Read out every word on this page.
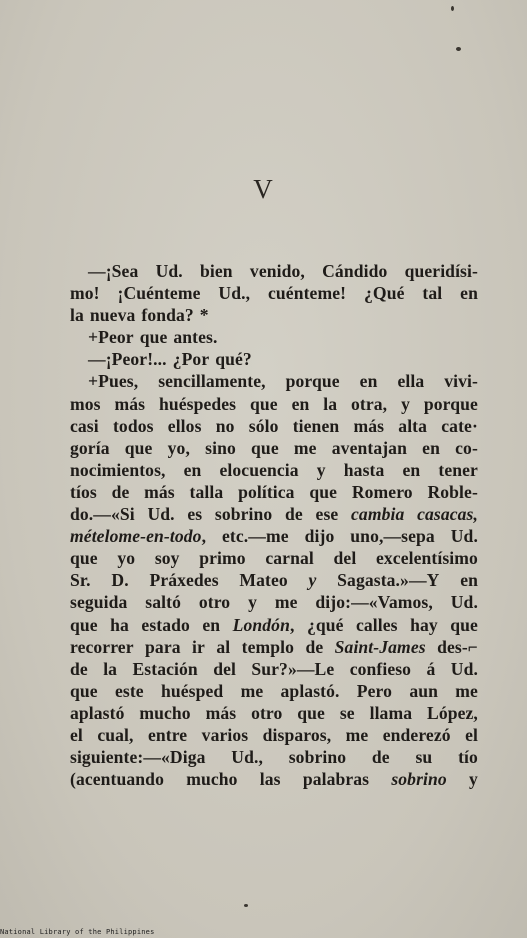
V
—¡Sea Ud. bien venido, Cándido queridísi-
mo! ¡Cuénteme Ud., cuénteme! ¿Qué tal en
la nueva fonda? *
+Peor que antes.
—¡Peor!... ¿Por qué?
+Pues, sencillamente, porque en ella vivi-
mos más huéspedes que en la otra, y porque
casi todos ellos no sólo tienen más alta cate·
goría que yo, sino que me aventajan en co-
nocimientos, en elocuencia y hasta en tener
tíos de más talla política que Romero Roble-
do.—«Si Ud. es sobrino de ese cambia casacas,
mételome-en-todo, etc.—me dijo uno,—sepa Ud.
que yo soy primo carnal del excelentísimo
Sr. D. Práxedes Mateo y Sagasta.»—Y en
seguida saltó otro y me dijo:—«Vamos, Ud.
que ha estado en Londón, ¿qué calles hay que
recorrer para ir al templo de Saint-James des-⌐
de la Estación del Sur?»—Le confieso á Ud.
que este huésped me aplastó. Pero aun me
aplastó mucho más otro que se llama López,
el cual, entre varios disparos, me enderezó el
siguiente:—«Diga Ud., sobrino de su tío
(acentuando mucho las palabras sobrino y
National Library of the Philippines
